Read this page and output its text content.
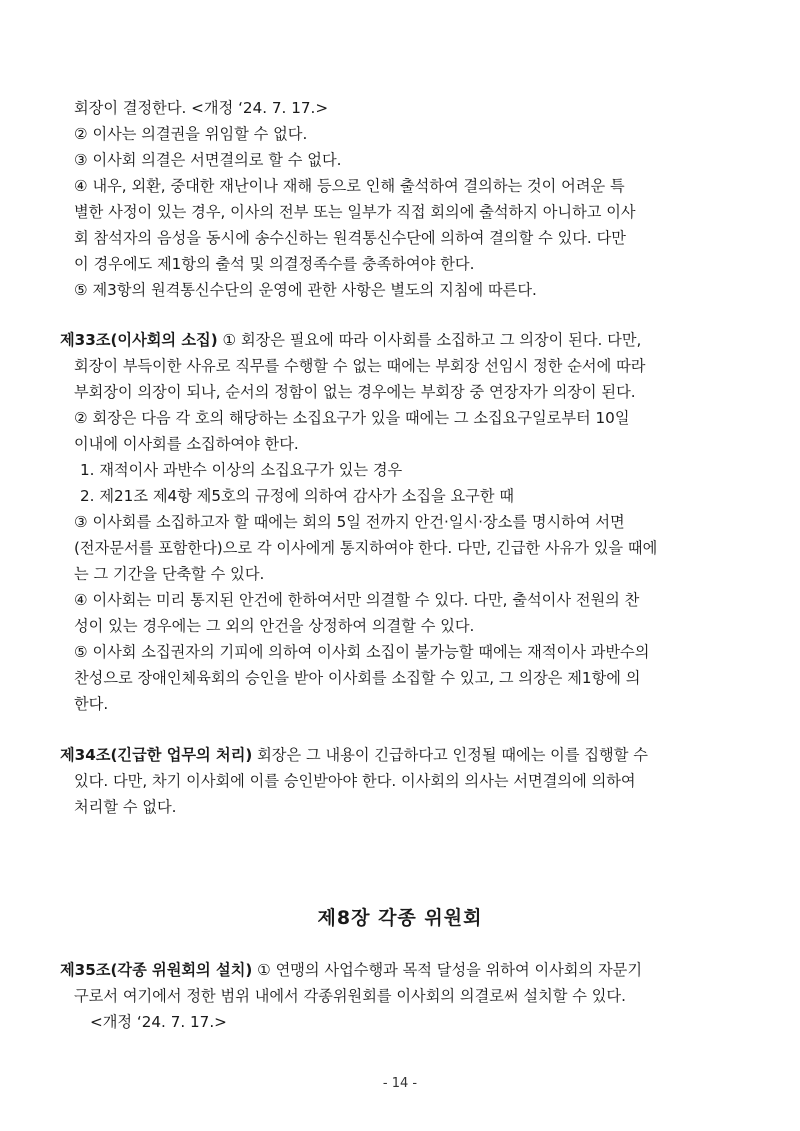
회장이 결정한다. <개정 ‘24. 7. 17.>
② 이사는 의결권을 위임할 수 없다.
③ 이사회 의결은 서면결의로 할 수 없다.
④ 내우, 외환, 중대한 재난이나 재해 등으로 인해 출석하여 결의하는 것이 어려운 특
별한 사정이 있는 경우, 이사의 전부 또는 일부가 직접 회의에 출석하지 아니하고 이사
회 참석자의 음성을 동시에 송수신하는 원격통신수단에 의하여 결의할 수 있다. 다만
이 경우에도 제1항의 출석 및 의결정족수를 충족하여야 한다.
⑤ 제3항의 원격통신수단의 운영에 관한 사항은 별도의 지침에 따른다.
제33조(이사회의 소집) ① 회장은 필요에 따라 이사회를 소집하고 그 의장이 된다. 다만,
회장이 부득이한 사유로 직무를 수행할 수 없는 때에는 부회장 선임시 정한 순서에 따라
부회장이 의장이 되나, 순서의 정함이 없는 경우에는 부회장 중 연장자가 의장이 된다.
② 회장은 다음 각 호의 해당하는 소집요구가 있을 때에는 그 소집요구일로부터 10일
이내에 이사회를 소집하여야 한다.
1. 재적이사 과반수 이상의 소집요구가 있는 경우
2. 제21조 제4항 제5호의 규정에 의하여 감사가 소집을 요구한 때
③ 이사회를 소집하고자 할 때에는 회의 5일 전까지 안건·일시·장소를 명시하여 서면
(전자문서를 포함한다)으로 각 이사에게 통지하여야 한다. 다만, 긴급한 사유가 있을 때에
는 그 기간을 단축할 수 있다.
④ 이사회는 미리 통지된 안건에 한하여서만 의결할 수 있다. 다만, 출석이사 전원의 찬
성이 있는 경우에는 그 외의 안건을 상정하여 의결할 수 있다.
⑤ 이사회 소집권자의 기피에 의하여 이사회 소집이 불가능할 때에는 재적이사 과반수의
찬성으로 장애인체육회의 승인을 받아 이사회를 소집할 수 있고, 그 의장은 제1항에 의
한다.
제34조(긴급한 업무의 처리) 회장은 그 내용이 긴급하다고 인정될 때에는 이를 집행할 수
있다. 다만, 차기 이사회에 이를 승인받아야 한다. 이사회의 의사는 서면결의에 의하여
처리할 수 없다.
제8장 각종 위원회
제35조(각종 위원회의 설치) ① 연맹의 사업수행과 목적 달성을 위하여 이사회의 자문기
구로서 여기에서 정한 범위 내에서 각종위원회를 이사회의 의결로써 설치할 수 있다.
<개정 ‘24. 7. 17.>
- 14 -
